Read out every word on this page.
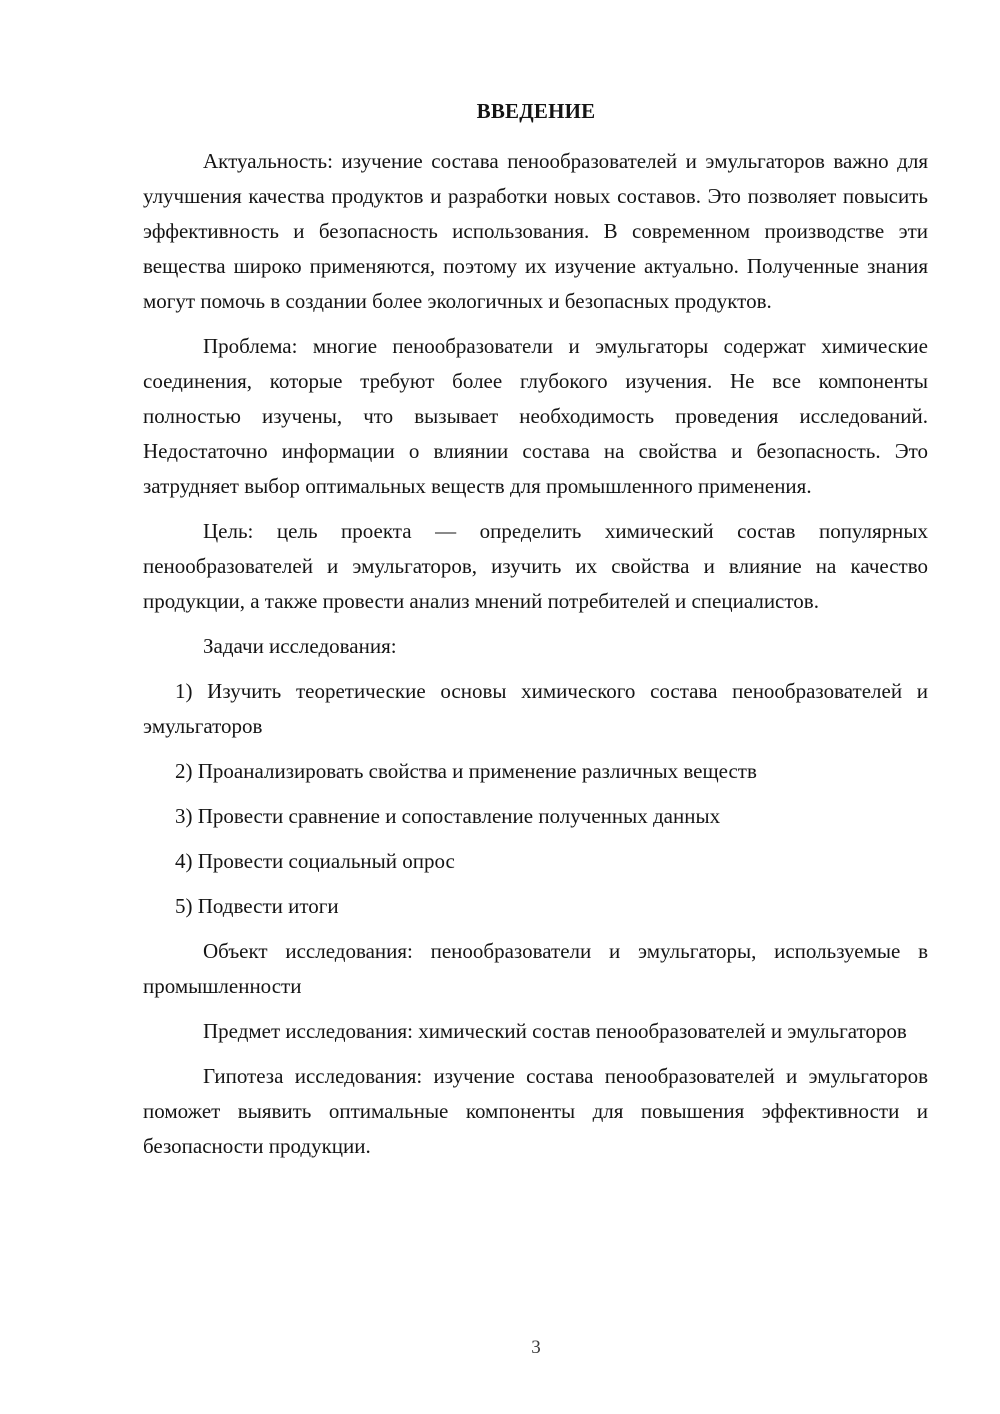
ВВЕДЕНИЕ

Актуальность: изучение состава пенообразователей и эмульгаторов важно для улучшения качества продуктов и разработки новых составов. Это позволяет повысить эффективность и безопасность использования. В современном производстве эти вещества широко применяются, поэтому их изучение актуально. Полученные знания могут помочь в создании более экологичных и безопасных продуктов.

Проблема: многие пенообразователи и эмульгаторы содержат химические соединения, которые требуют более глубокого изучения. Не все компоненты полностью изучены, что вызывает необходимость проведения исследований. Недостаточно информации о влиянии состава на свойства и безопасность. Это затрудняет выбор оптимальных веществ для промышленного применения.

Цель: цель проекта — определить химический состав популярных пенообразователей и эмульгаторов, изучить их свойства и влияние на качество продукции, а также провести анализ мнений потребителей и специалистов.

Задачи исследования:

1) Изучить теоретические основы химического состава пенообразователей и эмульгаторов

2) Проанализировать свойства и применение различных веществ

3) Провести сравнение и сопоставление полученных данных

4) Провести социальный опрос

5) Подвести итоги

Объект исследования: пенообразователи и эмульгаторы, используемые в промышленности

Предмет исследования: химический состав пенообразователей и эмульгаторов

Гипотеза исследования: изучение состава пенообразователей и эмульгаторов поможет выявить оптимальные компоненты для повышения эффективности и безопасности продукции.

3
